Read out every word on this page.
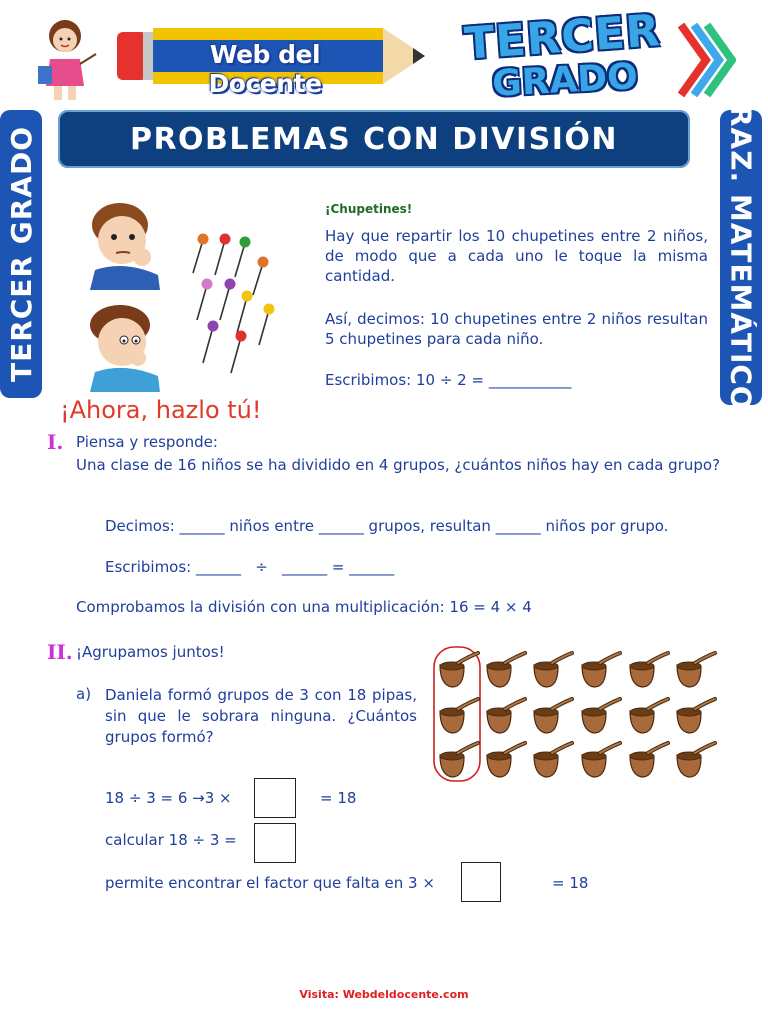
Web del Docente
TERCER
GRADO
TERCER GRADO	RAZ. MATEMÁTICO
PROBLEMAS CON DIVISIÓN
¡Chupetines!
Hay que repartir los 10 chupetines entre 2 niños, de modo que a cada uno le toque la misma cantidad.
Así, decimos: 10 chupetines entre 2 niños resultan 5 chupetines para cada niño.
Escribimos: 10 ÷ 2 = ___________
¡Ahora, hazlo tú!
I. Piensa y responde:
Una clase de 16 niños se ha dividido en 4 grupos, ¿cuántos niños hay en cada grupo?
Decimos: ______ niños entre ______ grupos, resultan ______ niños por grupo.
Escribimos: ______   ÷   ______ = ______
Comprobamos la división con una multiplicación: 16 = 4 × 4
II. ¡Agrupamos juntos!
a) Daniela formó grupos de 3 con 18 pipas, sin que le sobrara ninguna. ¿Cuántos grupos formó?
18 ÷ 3 = 6 →3 ×	= 18
calcular 18 ÷ 3 =
permite encontrar el factor que falta en 3 ×	= 18
Visita: Webdeldocente.com
